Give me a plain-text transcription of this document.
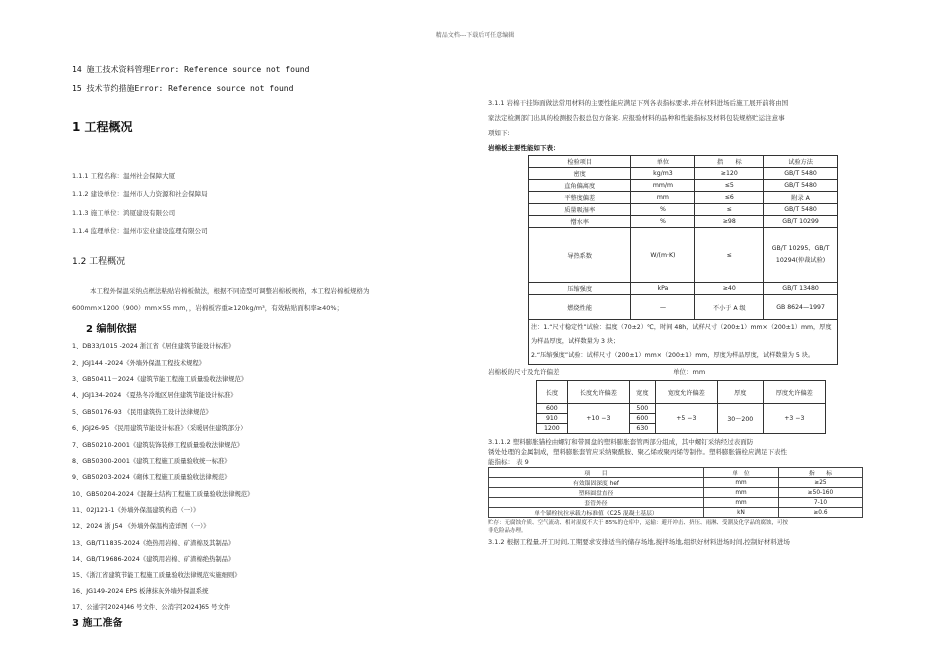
精品文档---下载后可任意编辑

14 施工技术资料管理Error: Reference source not found

15 技术节约措施Error: Reference source not found

1 工程概况

1.1.1 工程名称：温州社会保障大厦

1.1.2 建设单位：温州市人力资源和社会保障局

1.1.3 施工单位：鸿厦建设有限公司

1.1.4 监理单位：温州市宏业建设监理有限公司

1.2 工程概况

本工程外保温采纳点框法粘贴岩棉板做法，根据不同造型可调整岩棉板规格，本工程岩棉板规格为

600mm×1200（900）mm×55 mm，，岩棉板容重≥120kg/m³，有效粘贴面积率≥40%；

2 编制依据

1、DB33/1015 -2024 浙江省《居住建筑节能设计标准》

2、JGJ144 -2024《外墙外保温工程技术规程》

3、GB50411－2024《建筑节能工程施工质量验收法律规范》

4、JGJ134-2024 《夏热冬冷地区居住建筑节能设计标准》

5、GB50176-93 《民用建筑热工设计法律规范》

6、JGJ26-95 《民用建筑节能设计标准》（采暖居住建筑部分）

7、GB50210-2001《建筑装饰装修工程质量验收法律规范》

8、GB50300-2001《建筑工程施工质量验收统一标准》

9、GB50203-2024《砌体工程施工质量验收法律规范》

10、GB50204-2024《混凝土结构工程施工质量验收法律规范》

11、02J121-1《外墙外保温建筑构造（一）》

12、2024 浙 J54 《外墙外保温构造详图（一）》

13、GB/T11835-2024《绝热用岩棉、矿渣棉及其制品》

14、GB/T19686-2024《建筑用岩棉、矿渣棉绝热制品》

15、《浙江省建筑节能工程施工质量验收法律规范实施细则》

16、JG149-2024 EPS 板薄抹灰外墙外保温系统

17、公通字[2024]46 号文件、公消字[2024]65 号文件

3 施工准备

3.1.1 岩棉干挂饰面做法常用材料的主要性能应满足下列各表指标要求,并在材料进场后施工展开前将由国

家法定检测部门出具的检测报告报总包方备案. 应报验材料的品种和性能指标及材料包装规格贮运注意事

项如下:

岩棉板主要性能如下表：

检验项目	单位	指　　标	试验方法
密度	kg/m3	≥120	GB/T 5480
直角偏离度	mm/m	≤5	GB/T 5480
平整度偏差	mm	≤6	附录 A
质量吸湿率	%	≤	GB/T 5480
憎水率	%	≥98	GB/T 10299
导热系数	W/(m·K)	≤	GB/T 10295、GB/T 10294(仲裁试验)
压缩强度	kPa	≥40	GB/T 13480
燃烧性能	—	不小于 A 级	GB 8624—1997

注：1.“尺寸稳定性”试验：温度（70±2）℃，时间 48h，试样尺寸（200±1）mm×（200±1）mm，厚度为样品厚度，试样数量为 3 块；
2.“压缩强度”试验：试样尺寸（200±1）mm×（200±1）mm，厚度为样品厚度，试样数量为 5 块。			
岩棉板的尺寸及允许偏差	单位：mm
长度	长度允许偏差	宽度	宽度允许偏差	厚度	厚度允许偏差
600	+10 −3	500	+5 −3	30～200	+3 −3
910		600			
1200		630			

3.1.1.2 塑料膨胀锚栓由螺钉和带圆盘的塑料膨胀套管两部分组成，其中螺钉采纳经过表面防

锈处处理的金属制成，塑料膨胀套管应采纳聚酰胺、聚乙烯或聚丙烯等制作。塑料膨胀锚栓应满足下表性

能指标： 表 9

项　　目	单　位	指　　标
有效锚固深度 hef	mm	≥25
塑料圆盘直径	mm	≥50-160
套管外径	mm	7-10
单个锚栓抗拉承载力标准值（C25 混凝土基层）	kN	≥0.6

贮存：无腐蚀介质、空气流动、相对湿度不大于 85%的仓库中，运输：避开冲击、挤压、雨淋、受潮及化学品的腐蚀，可按

非危险品办理。

3.1.2 根据工程量,开工时间,工期要求安排适当的储存场地,搅拌场地,组织好材料进场时间,控制好材料进场
